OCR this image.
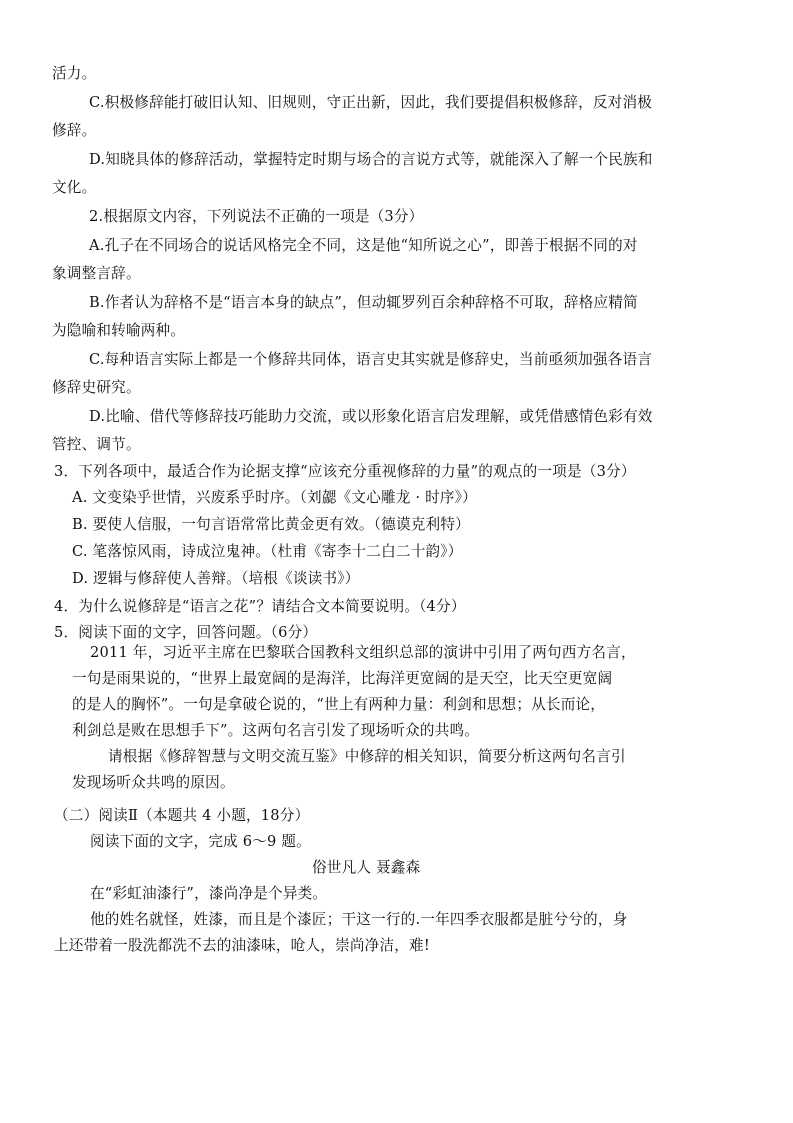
活力。
C.积极修辞能打破旧认知、旧规则，守正出新，因此，我们要提倡积极修辞，反对消极
修辞。
D.知晓具体的修辞活动，掌握特定时期与场合的言说方式等，就能深入了解一个民族和
文化。
2.根据原文内容，下列说法不正确的一项是（3分）
A.孔子在不同场合的说话风格完全不同，这是他“知所说之心”，即善于根据不同的对
象调整言辞。
B.作者认为辞格不是“语言本身的缺点”，但动辄罗列百余种辞格不可取，辞格应精简
为隐喻和转喻两种。
C.每种语言实际上都是一个修辞共同体，语言史其实就是修辞史，当前亟须加强各语言
修辞史研究。
D.比喻、借代等修辞技巧能助力交流，或以形象化语言启发理解，或凭借感情色彩有效
管控、调节。
3．下列各项中，最适合作为论据支撑“应该充分重视修辞的力量”的观点的一项是（3分）
A. 文变染乎世情，兴废系乎时序。（刘勰《文心雕龙 · 时序》）
B. 要使人信服，一句言语常常比黄金更有效。（德谟克利特）
C. 笔落惊风雨，诗成泣鬼神。（杜甫《寄李十二白二十韵》）
D. 逻辑与修辞使人善辩。（培根《谈读书》）
4．为什么说修辞是“语言之花”？请结合文本简要说明。（4分）
5．阅读下面的文字，回答问题。（6分）
2011 年，习近平主席在巴黎联合国教科文组织总部的演讲中引用了两句西方名言，
一句是雨果说的，“世界上最宽阔的是海洋，比海洋更宽阔的是天空，比天空更宽阔
的是人的胸怀”。一句是拿破仑说的，“世上有两种力量：利剑和思想；从长而论，
利剑总是败在思想手下”。这两句名言引发了现场听众的共鸣。
请根据《修辞智慧与文明交流互鉴》中修辞的相关知识，简要分析这两句名言引
发现场听众共鸣的原因。
（二）阅读Ⅱ（本题共 4 小题，18分）
阅读下面的文字，完成 6～9 题。
俗世凡人 聂鑫森
在“彩虹油漆行”，漆尚净是个异类。
他的姓名就怪，姓漆，而且是个漆匠；干这一行的.一年四季衣服都是脏兮兮的，身
上还带着一股洗都洗不去的油漆味，呛人，崇尚净洁，难!
